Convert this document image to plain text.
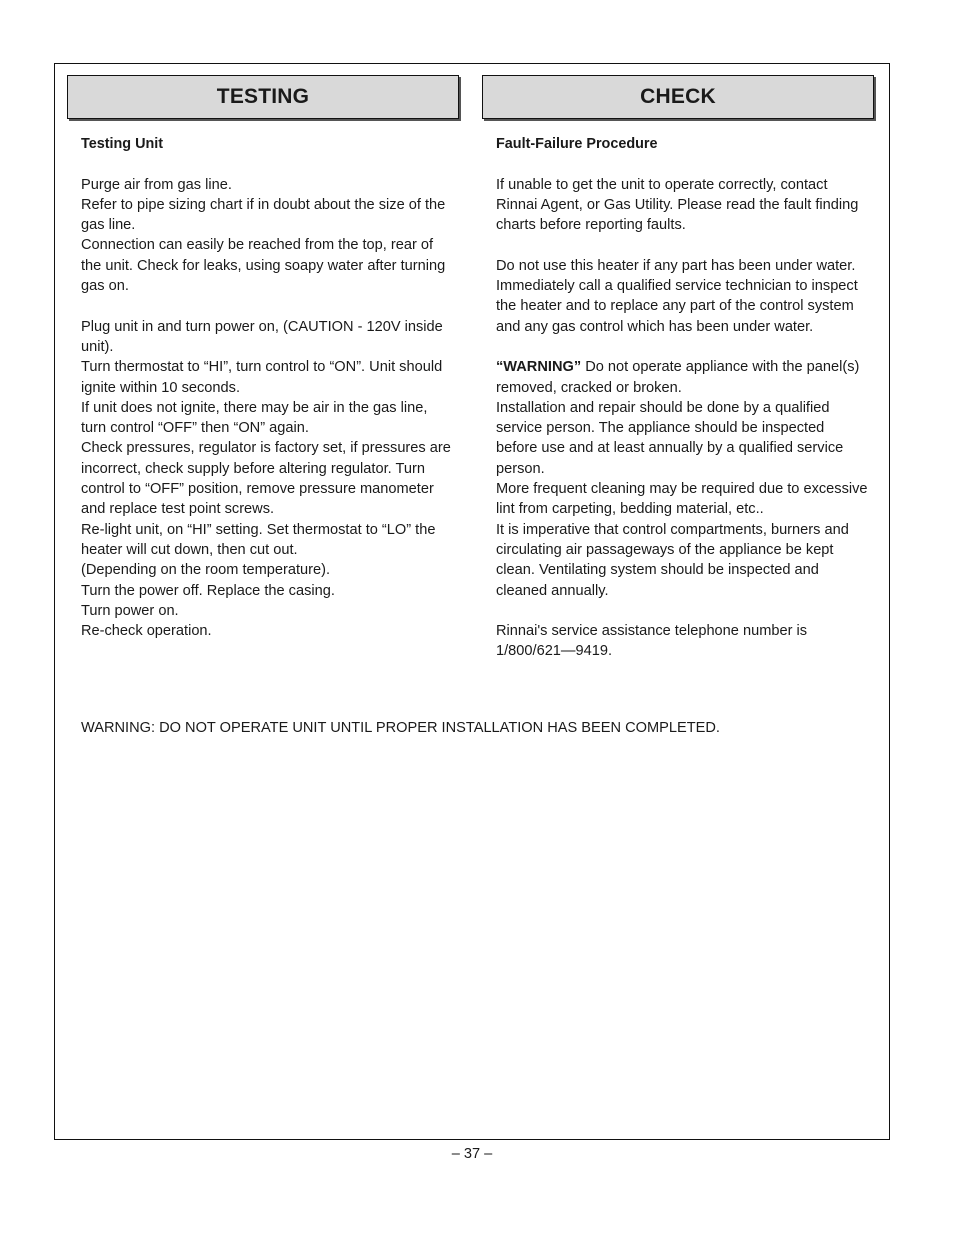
TESTING	CHECK

Testing Unit

Purge air from gas line.

Refer to pipe sizing chart if in doubt about the size of the gas line.

Connection can easily be reached from the top, rear of the unit. Check for leaks, using soapy water after turning gas on.

Plug unit in and turn power on, (CAUTION - 120V inside unit).

Turn thermostat to “HI”, turn control to “ON”. Unit should ignite within 10 seconds.

If unit does not ignite, there may be air in the gas line, turn control “OFF” then “ON” again.

Check pressures, regulator is factory set, if pressures are incorrect, check supply before altering regulator. Turn control to “OFF” position, remove pressure manometer and replace test point screws.

Re-light unit, on “HI” setting. Set thermostat to “LO” the heater will cut down, then cut out.

(Depending on the room temperature).

Turn the power off. Replace the casing.

Turn power on.

Re-check operation.

Fault-Failure Procedure

If unable to get the unit to operate correctly, contact Rinnai Agent, or Gas Utility. Please read the fault finding charts before reporting faults.

Do not use this heater if any part has been under water. Immediately call a qualified service technician to inspect the heater and to replace any part of the control system and any gas control which has been under water.

“WARNING” Do not operate appliance with the panel(s) removed, cracked or broken.

Installation and repair should be done by a qualified service person. The appliance should be inspected before use and at least annually by a qualified service person.

More frequent cleaning may be required due to excessive lint from carpeting, bedding material, etc..

It is imperative that control compartments, burners and circulating air passageways of the appliance be kept clean. Ventilating system should be inspected and cleaned annually.

Rinnai's service assistance telephone number is 1/800/621—9419.

WARNING: DO NOT OPERATE UNIT UNTIL PROPER INSTALLATION HAS BEEN COMPLETED.
– 37 –
